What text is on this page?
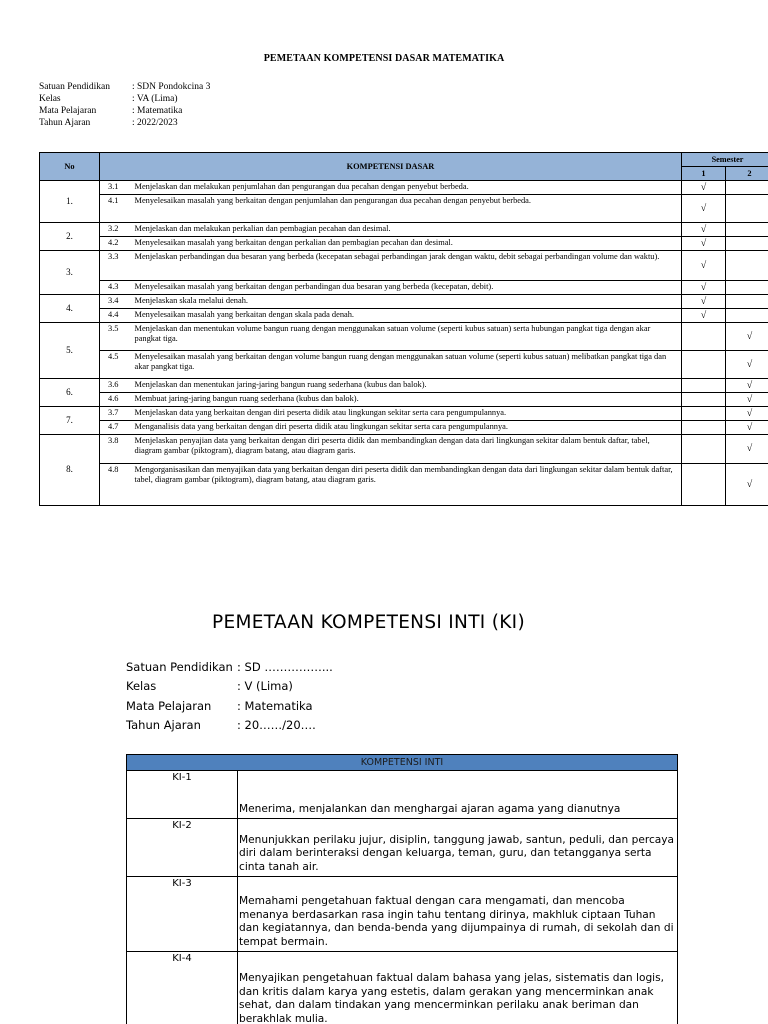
PEMETAAN KOMPETENSI DASAR MATEMATIKA
Satuan Pendidikan	: SDN Pondokcina 3
Kelas	: VA (Lima)
Mata Pelajaran	: Matematika
Tahun Ajaran	: 2022/2023
No	KOMPETENSI DASAR		Semester	
			1	2
1.	3.1	Menjelaskan dan melakukan penjumlahan dan pengurangan dua pecahan dengan penyebut berbeda.	√	
	4.1	Menyelesaikan masalah yang berkaitan dengan penjumlahan dan pengurangan dua pecahan dengan penyebut berbeda.	√	
2.	3.2	Menjelaskan dan melakukan perkalian dan pembagian pecahan dan desimal.	√	
	4.2	Menyelesaikan masalah yang berkaitan dengan perkalian dan pembagian pecahan dan desimal.	√	
3.	3.3	Menjelaskan perbandingan dua besaran yang berbeda (kecepatan sebagai perbandingan jarak dengan waktu, debit sebagai perbandingan volume dan waktu).	√	
	4.3	Menyelesaikan masalah yang berkaitan dengan perbandingan dua besaran yang berbeda (kecepatan, debit).	√	
4.	3.4	Menjelaskan skala melalui denah.	√	
	4.4	Menyelesaikan masalah yang berkaitan dengan skala pada denah.	√	
5.	3.5	Menjelaskan dan menentukan volume bangun ruang dengan menggunakan satuan volume (seperti kubus satuan) serta hubungan pangkat tiga dengan akar pangkat tiga.		√
	4.5	Menyelesaikan masalah yang berkaitan dengan volume bangun ruang dengan menggunakan satuan volume (seperti kubus satuan) melibatkan pangkat tiga dan akar pangkat tiga.		√
6.	3.6	Menjelaskan dan menentukan jaring-jaring bangun ruang sederhana (kubus dan balok).		√
	4.6	Membuat jaring-jaring bangun ruang sederhana (kubus dan balok).		√
7.	3.7	Menjelaskan data yang berkaitan dengan diri peserta didik atau lingkungan sekitar serta cara pengumpulannya.		√
	4.7	Menganalisis data yang berkaitan dengan diri peserta didik atau lingkungan sekitar serta cara pengumpulannya.		√
8.	3.8	Menjelaskan penyajian data yang berkaitan dengan diri peserta didik dan membandingkan dengan data dari lingkungan sekitar dalam bentuk daftar, tabel, diagram gambar (piktogram), diagram batang, atau diagram garis.		√
	4.8	Mengorganisasikan dan menyajikan data yang berkaitan dengan diri peserta didik dan membandingkan dengan data dari lingkungan sekitar dalam bentuk daftar, tabel, diagram gambar (piktogram), diagram batang, atau diagram garis.		√
PEMETAAN KOMPETENSI INTI (KI)
Satuan Pendidikan : SD ……………...
Kelas	: V (Lima)
Mata Pelajaran	: Matematika
Tahun Ajaran	: 20……/20….
KOMPETENSI INTI	
KI-1	Menerima, menjalankan dan menghargai ajaran agama yang dianutnya
KI-2	Menunjukkan perilaku jujur, disiplin, tanggung jawab, santun, peduli, dan percaya diri dalam berinteraksi dengan keluarga, teman, guru, dan tetangganya serta cinta tanah air.
KI-3	Memahami pengetahuan faktual dengan cara mengamati, dan mencoba menanya berdasarkan rasa ingin tahu tentang dirinya, makhluk ciptaan Tuhan dan kegiatannya, dan benda-benda yang dijumpainya di rumah, di sekolah dan di tempat bermain.
KI-4	Menyajikan pengetahuan faktual dalam bahasa yang jelas, sistematis dan logis, dan kritis dalam karya yang estetis, dalam gerakan yang mencerminkan anak sehat, dan dalam tindakan yang mencerminkan perilaku anak beriman dan berakhlak mulia.
